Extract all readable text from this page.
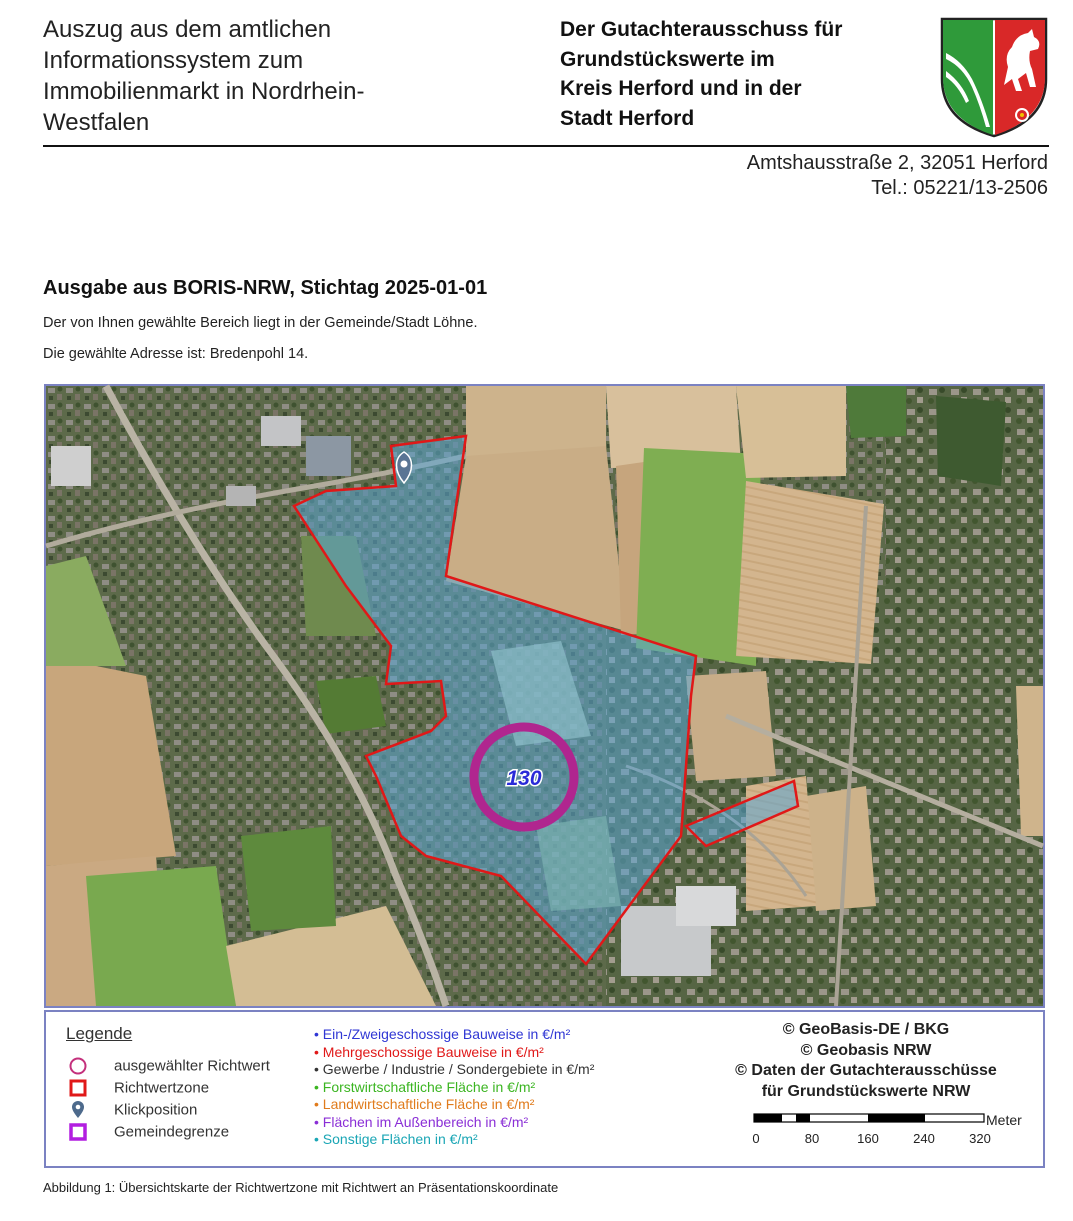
Auszug aus dem amtlichen
Informationssystem zum
Immobilienmarkt in Nordrhein-
Westfalen
Der Gutachterausschuss für
Grundstückswerte im
Kreis Herford und in der
Stadt Herford
Amtshausstraße 2, 32051 Herford
Tel.: 05221/13-2506
Ausgabe aus BORIS-NRW, Stichtag 2025-01-01
Der von Ihnen gewählte Bereich liegt in der Gemeinde/Stadt Löhne.
Die gewählte Adresse ist: Bredenpohl 14.
130
Legende
ausgewählter Richtwert
Richtwertzone
Klickposition
Gemeindegrenze
• Ein-/Zweigeschossige Bauweise in €/m²
• Mehrgeschossige Bauweise in €/m²
• Gewerbe / Industrie / Sondergebiete in €/m²
• Forstwirtschaftliche Fläche in €/m²
• Landwirtschaftliche Fläche in €/m²
• Flächen im Außenbereich in €/m²
• Sonstige Flächen in €/m²
© GeoBasis-DE / BKG
© Geobasis NRW
© Daten der Gutachterausschüsse
für Grundstückswerte NRW
Meter
0	80	160	240	320
Abbildung 1: Übersichtskarte der Richtwertzone mit Richtwert an Präsentationskoordinate
